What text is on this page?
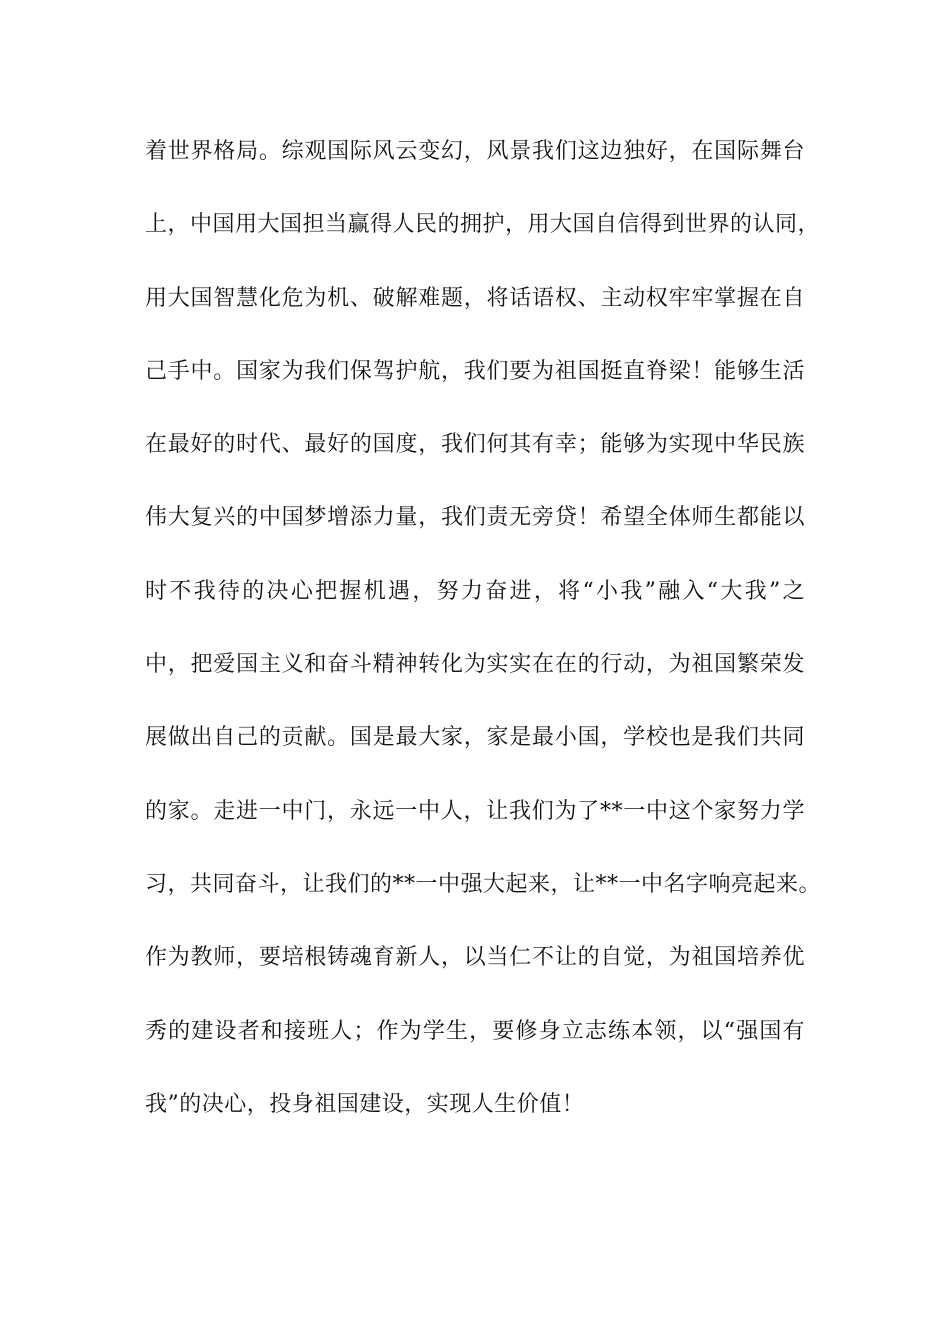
着世界格局。综观国际风云变幻，风景我们这边独好，在国际舞台
上，中国用大国担当赢得人民的拥护，用大国自信得到世界的认同，
用大国智慧化危为机、破解难题，将话语权、主动权牢牢掌握在自
己手中。国家为我们保驾护航，我们要为祖国挺直脊梁！能够生活
在最好的时代、最好的国度，我们何其有幸；能够为实现中华民族
伟大复兴的中国梦增添力量，我们责无旁贷！希望全体师生都能以
时不我待的决心把握机遇，努力奋进，将“小我”融入“大我”之
中，把爱国主义和奋斗精神转化为实实在在的行动，为祖国繁荣发
展做出自己的贡献。国是最大家，家是最小国，学校也是我们共同
的家。走进一中门，永远一中人，让我们为了**一中这个家努力学
习，共同奋斗，让我们的**一中强大起来，让**一中名字响亮起来。
作为教师，要培根铸魂育新人，以当仁不让的自觉，为祖国培养优
秀的建设者和接班人；作为学生，要修身立志练本领，以“强国有
我”的决心，投身祖国建设，实现人生价值！
